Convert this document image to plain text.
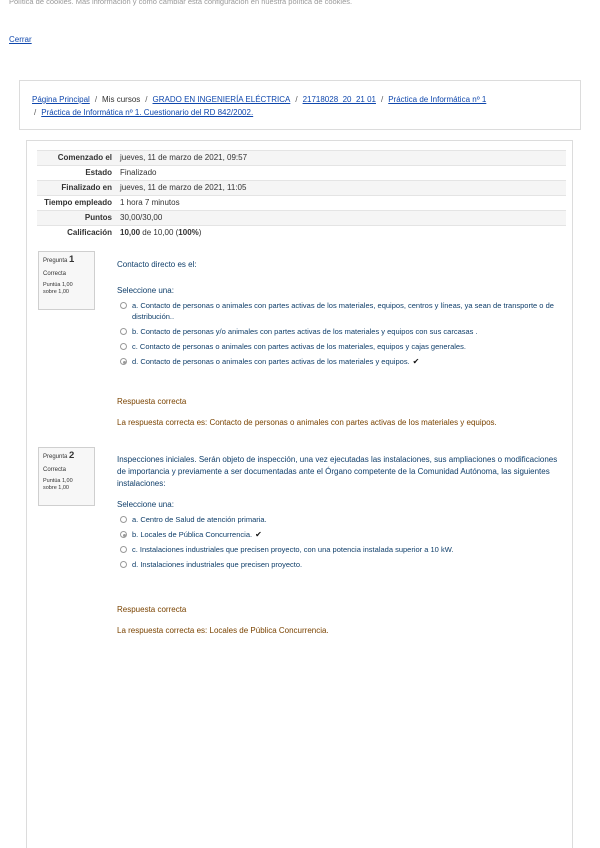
Política de cookies. Más información y cómo cambiar esta configuración en nuestra política de cookies.
Cerrar
Página Principal / Mis cursos / GRADO EN INGENIERÍA ELÉCTRICA / 21718028_20_21 01 / Práctica de Informática nº 1
/ Práctica de Informática nº 1. Cuestionario del RD 842/2002.
Comenzado el	jueves, 11 de marzo de 2021, 09:57
Estado	Finalizado
Finalizado en	jueves, 11 de marzo de 2021, 11:05
Tiempo empleado	1 hora 7 minutos
Puntos	30,00/30,00
Calificación	10,00 de 10,00 (100%)
Pregunta 1
Correcta
Puntúa 1,00
sobre 1,00
Contacto directo es el:
Seleccione una:
a. Contacto de personas o animales con partes activas de los materiales, equipos, centros y líneas, ya sean de transporte o de distribución..
b. Contacto de personas y/o animales con partes activas de los materiales y equipos con sus carcasas .
c. Contacto de personas o animales con partes activas de los materiales, equipos y cajas generales.
d. Contacto de personas o animales con partes activas de los materiales y equipos. ✔
Respuesta correcta
La respuesta correcta es: Contacto de personas o animales con partes activas de los materiales y equipos.
Pregunta 2
Correcta
Puntúa 1,00
sobre 1,00
Inspecciones iniciales. Serán objeto de inspección, una vez ejecutadas las instalaciones, sus ampliaciones o modificaciones de importancia y previamente a ser documentadas ante el Órgano competente de la Comunidad Autónoma, las siguientes instalaciones:
Seleccione una:
a. Centro de Salud de atención primaria.
b. Locales de Pública Concurrencia. ✔
c. Instalaciones industriales que precisen proyecto, con una potencia instalada superior a 10 kW.
d. Instalaciones industriales que precisen proyecto.
Respuesta correcta
La respuesta correcta es: Locales de Pública Concurrencia.
